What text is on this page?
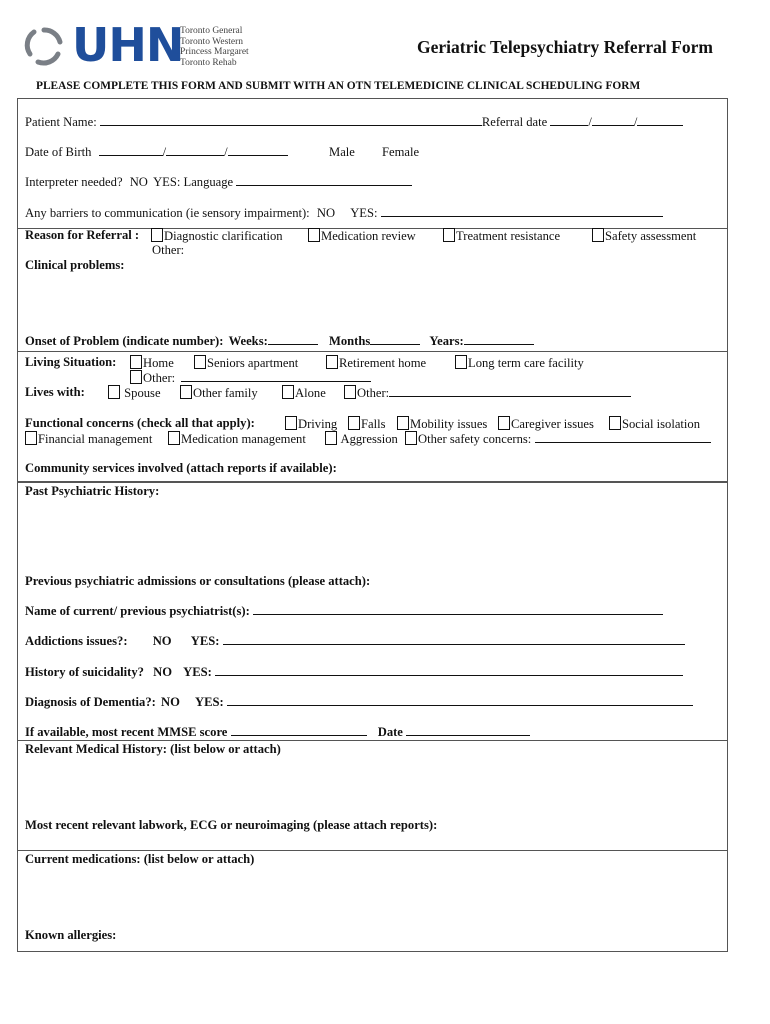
UHN
Toronto General
Toronto Western
Princess Margaret
Toronto Rehab
Geriatric Telepsychiatry Referral Form
PLEASE COMPLETE THIS FORM AND SUBMIT WITH AN OTN TELEMEDICINE CLINICAL SCHEDULING FORM
Patient Name:	Referral date	/	/
Date of Birth	/	/	Male Female
Interpreter needed? NO YES: Language
Any barriers to communication (ie sensory impairment): NO YES:
Reason for Referral :	Diagnostic clarification	Medication review	Treatment resistance	Safety assessment
Other:
Clinical problems:
Onset of Problem (indicate number): Weeks:	Months	Years:
Living Situation:	Home	Seniors apartment	Retirement home	Long term care facility
Other:
Lives with:	Spouse	Other family	Alone	Other:
Functional concerns (check all that apply):	Driving	Falls	Mobility issues	Caregiver issues	Social isolation
Financial management	Medication management	Aggression	Other safety concerns:
Community services involved (attach reports if available):
Past Psychiatric History:
Previous psychiatric admissions or consultations (please attach):
Name of current/ previous psychiatrist(s):
Addictions issues?: NO YES:
History of suicidality? NO YES:
Diagnosis of Dementia?: NO YES:
If available, most recent MMSE score	Date
Relevant Medical History: (list below or attach)
Most recent relevant labwork, ECG or neuroimaging (please attach reports):
Current medications: (list below or attach)
Known allergies:
